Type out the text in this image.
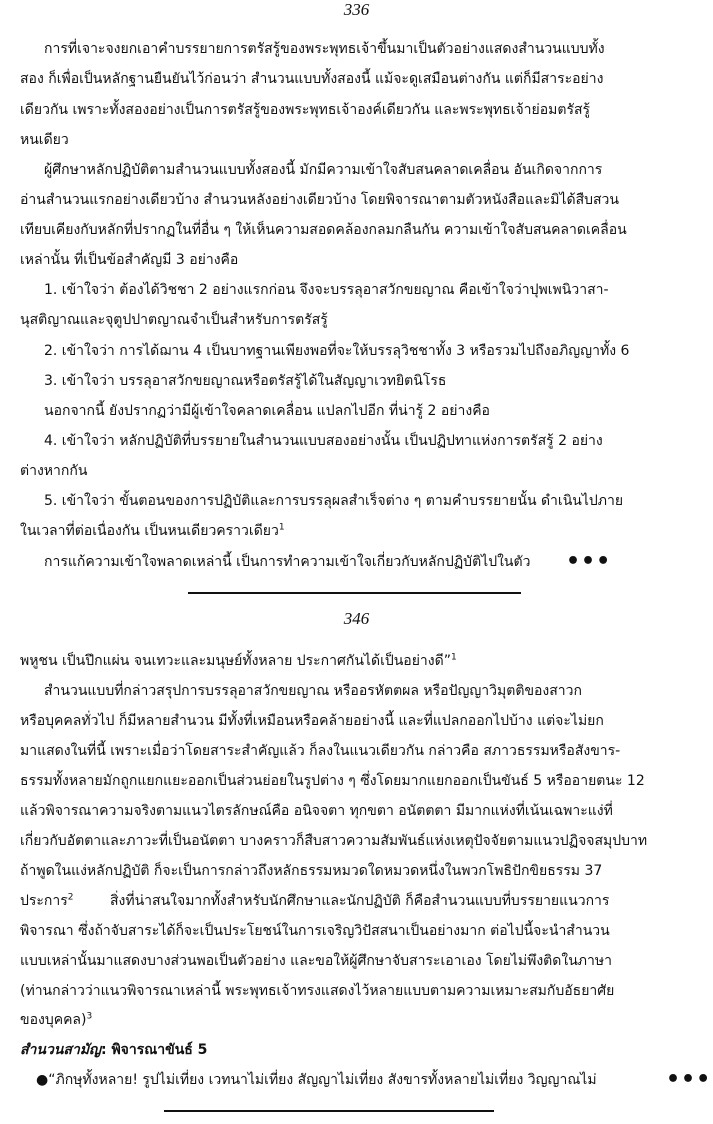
336
การที่เจาะจงยกเอาคำบรรยายการตรัสรู้ของพระพุทธเจ้าขึ้นมาเป็นตัวอย่างแสดงสำนวนแบบทั้ง
สอง ก็เพื่อเป็นหลักฐานยืนยันไว้ก่อนว่า สำนวนแบบทั้งสองนี้ แม้จะดูเสมือนต่างกัน แต่ก็มีสาระอย่าง
เดียวกัน เพราะทั้งสองอย่างเป็นการตรัสรู้ของพระพุทธเจ้าองค์เดียวกัน และพระพุทธเจ้าย่อมตรัสรู้
หนเดียว
ผู้ศึกษาหลักปฏิบัติตามสำนวนแบบทั้งสองนี้ มักมีความเข้าใจสับสนคลาดเคลื่อน อันเกิดจากการ
อ่านสำนวนแรกอย่างเดียวบ้าง สำนวนหลังอย่างเดียวบ้าง โดยพิจารณาตามตัวหนังสือและมิได้สืบสวน
เทียบเคียงกับหลักที่ปรากฏในที่อื่น ๆ ให้เห็นความสอดคล้องกลมกลืนกัน ความเข้าใจสับสนคลาดเคลื่อน
เหล่านั้น ที่เป็นข้อสำคัญมี 3 อย่างคือ
1. เข้าใจว่า ต้องได้วิชชา 2 อย่างแรกก่อน จึงจะบรรลุอาสวักขยญาณ คือเข้าใจว่าปุพเพนิวาสา-
นุสติญาณและจุตูปปาตญาณจำเป็นสำหรับการตรัสรู้
2. เข้าใจว่า การได้ฌาน 4 เป็นบาทฐานเพียงพอที่จะให้บรรลุวิชชาทั้ง 3 หรือรวมไปถึงอภิญญาทั้ง 6
3. เข้าใจว่า บรรลุอาสวักขยญาณหรือตรัสรู้ได้ในสัญญาเวทยิตนิโรธ
นอกจากนี้ ยังปรากฏว่ามีผู้เข้าใจคลาดเคลื่อน แปลกไปอีก ที่น่ารู้ 2 อย่างคือ
4. เข้าใจว่า หลักปฏิบัติที่บรรยายในสำนวนแบบสองอย่างนั้น เป็นปฏิปทาแห่งการตรัสรู้ 2 อย่าง
ต่างหากกัน
5. เข้าใจว่า ขั้นตอนของการปฏิบัติและการบรรลุผลสำเร็จต่าง ๆ ตามคำบรรยายนั้น ดำเนินไปภาย
ในเวลาที่ต่อเนื่องกัน เป็นหนเดียวคราวเดียว$^1$
การแก้ความเข้าใจพลาดเหล่านี้ เป็นการทำความเข้าใจเกี่ยวกับหลักปฏิบัติไปในตัว	•••
346
พหูชน เป็นปึกแผ่น จนเทวะและมนุษย์ทั้งหลาย ประกาศกันได้เป็นอย่างดี”$^1$
สำนวนแบบที่กล่าวสรุปการบรรลุอาสวักขยญาณ หรืออรหัตตผล หรือปัญญาวิมุตติของสาวก
หรือบุคคลทั่วไป ก็มีหลายสำนวน มีทั้งที่เหมือนหรือคล้ายอย่างนี้ และที่แปลกออกไปบ้าง แต่จะไม่ยก
มาแสดงในที่นี้ เพราะเมื่อว่าโดยสาระสำคัญแล้ว ก็ลงในแนวเดียวกัน กล่าวคือ สภาวธรรมหรือสังขาร-
ธรรมทั้งหลายมักถูกแยกแยะออกเป็นส่วนย่อยในรูปต่าง ๆ ซึ่งโดยมากแยกออกเป็นขันธ์ 5 หรืออายตนะ 12
แล้วพิจารณาความจริงตามแนวไตรลักษณ์คือ อนิจจตา ทุกขตา อนัตตตา มีมากแห่งที่เน้นเฉพาะแง่ที่
เกี่ยวกับอัตตาและภาวะที่เป็นอนัตตา บางคราวก็สืบสาวความสัมพันธ์แห่งเหตุปัจจัยตามแนวปฏิจจสมุปบาท
ถ้าพูดในแง่หลักปฏิบัติ ก็จะเป็นการกล่าวถึงหลักธรรมหมวดใดหมวดหนึ่งในพวกโพธิปักขิยธรรม 37
ประการ$^2$	สิ่งที่น่าสนใจมากทั้งสำหรับนักศึกษาและนักปฏิบัติ ก็คือสำนวนแบบที่บรรยายแนวการ
พิจารณา ซึ่งถ้าจับสาระได้ก็จะเป็นประโยชน์ในการเจริญวิปัสสนาเป็นอย่างมาก ต่อไปนี้จะนำสำนวน
แบบเหล่านั้นมาแสดงบางส่วนพอเป็นตัวอย่าง และขอให้ผู้ศึกษาจับสาระเอาเอง โดยไม่พึงติดในภาษา
(ท่านกล่าวว่าแนวพิจารณาเหล่านี้ พระพุทธเจ้าทรงแสดงไว้หลายแบบตามความเหมาะสมกับอัธยาศัย
ของบุคคล)$^3$
สำนวนสามัญ: พิจารณาขันธ์ 5
●“ภิกษุทั้งหลาย! รูปไม่เที่ยง เวทนาไม่เที่ยง สัญญาไม่เที่ยง สังขารทั้งหลายไม่เที่ยง วิญญาณไม่	•••
